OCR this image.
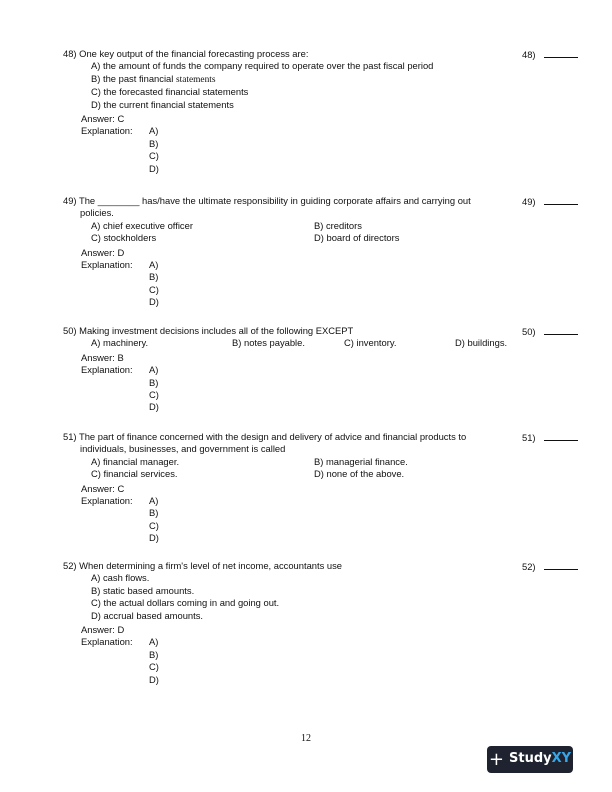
48) One key output of the financial forecasting process are:	48)
A) the amount of funds the company required to operate over the past fiscal period
B) the past financial statements
C) the forecasted financial statements
D) the current financial statements
Answer: C
Explanation:	A)
B)
C)
D)
49) The ________ has/have the ultimate responsibility in guiding corporate affairs and carrying out
policies.
49)
A) chief executive officer	B) creditors
C) stockholders	D) board of directors
Answer: D
Explanation:	A)
B)
C)
D)
50) Making investment decisions includes all of the following EXCEPT	50)
A) machinery.	B) notes payable.	C) inventory.	D) buildings.
Answer: B
Explanation:	A)
B)
C)
D)
51) The part of finance concerned with the design and delivery of advice and financial products to
individuals, businesses, and government is called
51)
A) financial manager.	B) managerial finance.
C) financial services.	D) none of the above.
Answer: C
Explanation:	A)
B)
C)
D)
52) When determining a firm's level of net income, accountants use	52)
A) cash flows.
B) static based amounts.
C) the actual dollars coming in and going out.
D) accrual based amounts.
Answer: D
Explanation:	A)
B)
C)
D)
12
+ Study XY
